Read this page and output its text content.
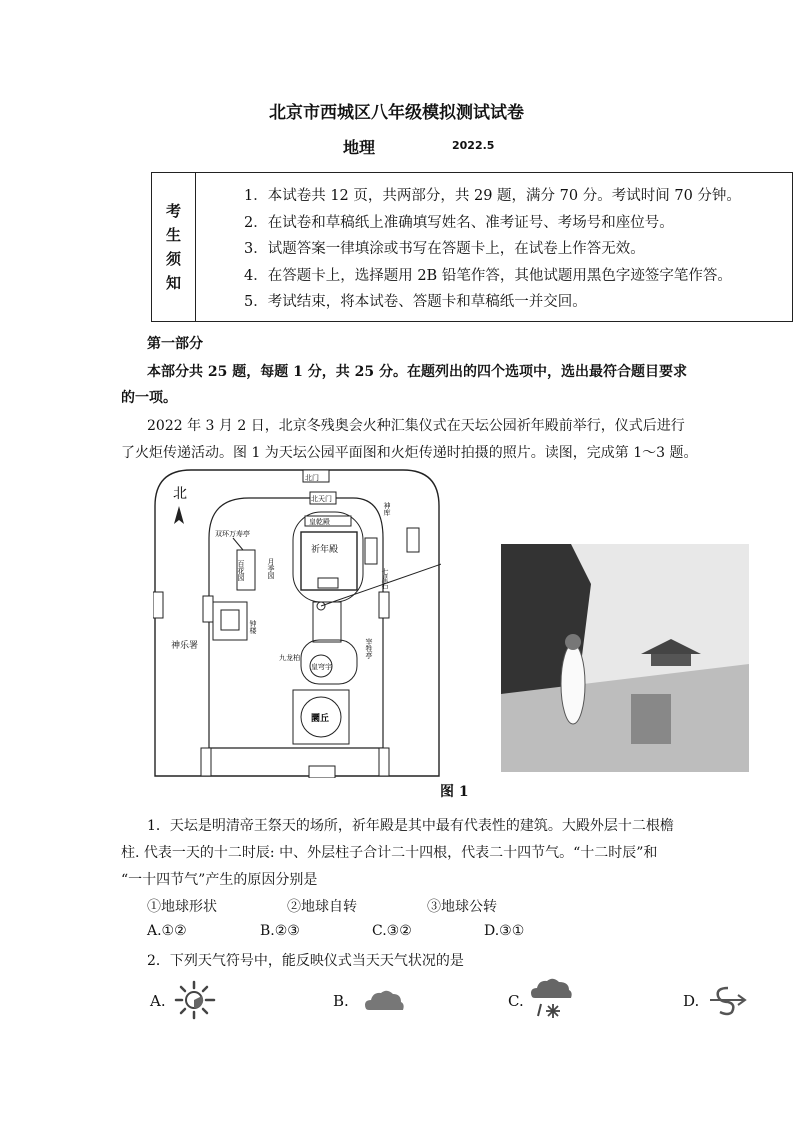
北京市西城区八年级模拟测试试卷
地理	2022.5
考
生
须
知
1．本试卷共 12 页，共两部分，共 29 题，满分 70 分。考试时间 70 分钟。
2．在试卷和草稿纸上准确填写姓名、准考证号、考场号和座位号。
3．试题答案一律填涂或书写在答题卡上，在试卷上作答无效。
4．在答题卡上，选择题用 2B 铅笔作答，其他试题用黑色字迹签字笔作答。
5．考试结束，将本试卷、答题卡和草稿纸一并交回。
第一部分
本部分共 25 题，每题 1 分，共 25 分。在题列出的四个选项中，选出最符合题目要求
的一项。
2022 年 3 月 2 日，北京冬残奥会火种汇集仪式在天坛公园祈年殿前举行，仪式后进行
了火炬传递活动。图 1 为天坛公园平面图和火炬传递时拍摄的照片。读图，完成第 1～3 题。
北
北门
北天门
皇乾殿
祈年殿
双环万寿亭
百花园	月季园
钟楼
神乐署
七星石
神库
皇穹宇
九龙柏
圜丘
宰牲亭
图 1
1．天坛是明清帝王祭天的场所，祈年殿是其中最有代表性的建筑。大殿外层十二根檐
柱. 代表一天的十二时辰: 中、外层柱子合计二十四根，代表二十四节气。“十二时辰”和
“一十四节气”产生的原因分别是
①地球形状	②地球自转	③地球公转
A.①②	B.②③	C.③②	D.③①
2．下列天气符号中，能反映仪式当天天气状况的是
A.	B.	C.	D.
